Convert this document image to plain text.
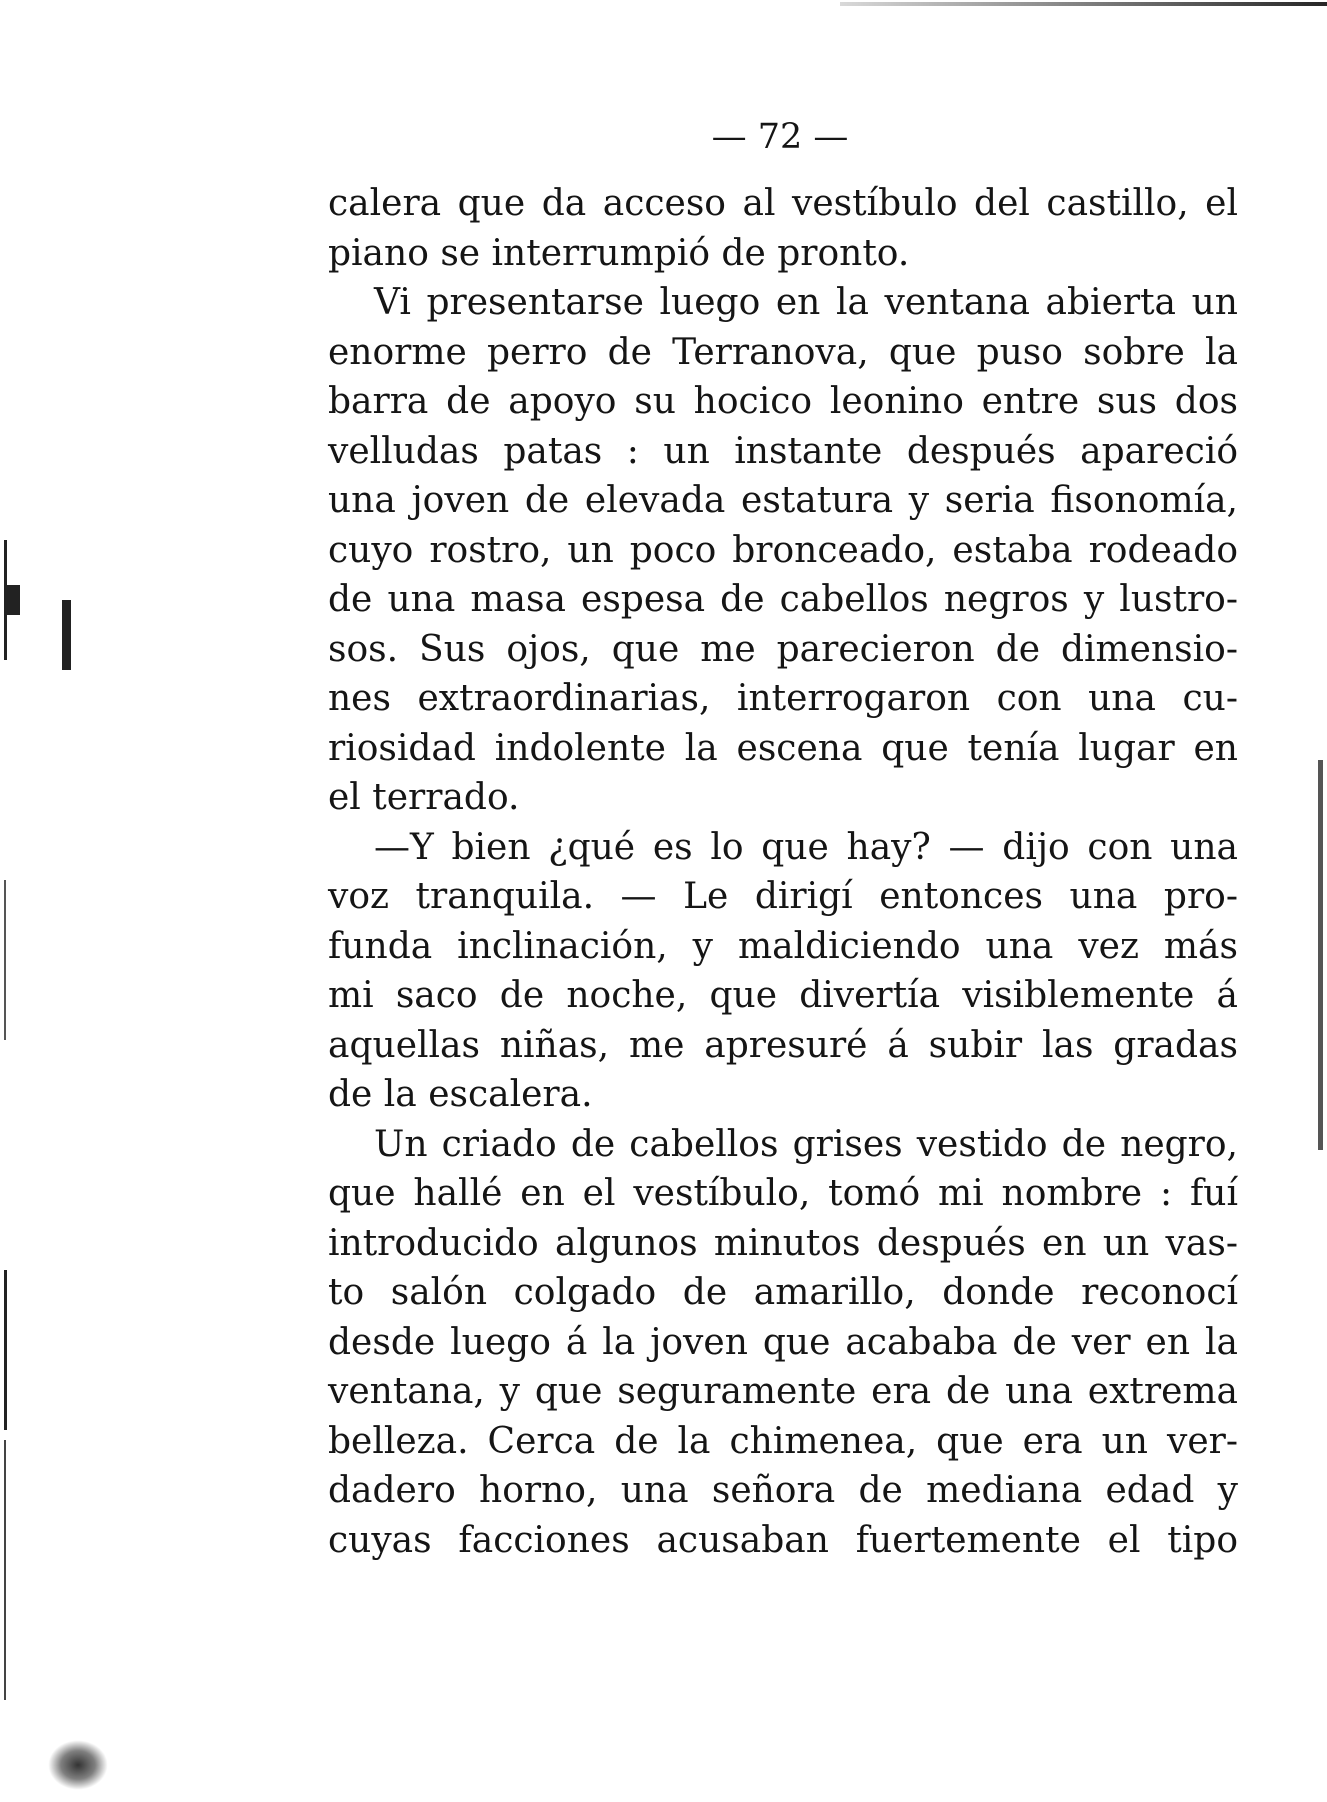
— 72 —
calera que da acceso al vestíbulo del castillo, el
piano se interrumpió de pronto.
Vi presentarse luego en la ventana abierta un
enorme perro de Terranova, que puso sobre la
barra de apoyo su hocico leonino entre sus dos
velludas patas : un instante después apareció
una joven de elevada estatura y seria fisonomía,
cuyo rostro, un poco bronceado, estaba rodeado
de una masa espesa de cabellos negros y lustro-
sos. Sus ojos, que me parecieron de dimensio-
nes extraordinarias, interrogaron con una cu-
riosidad indolente la escena que tenía lugar en
el terrado.
—Y bien ¿qué es lo que hay? — dijo con una
voz tranquila. — Le dirigí entonces una pro-
funda inclinación, y maldiciendo una vez más
mi saco de noche, que divertía visiblemente á
aquellas niñas, me apresuré á subir las gradas
de la escalera.
Un criado de cabellos grises vestido de negro,
que hallé en el vestíbulo, tomó mi nombre : fuí
introducido algunos minutos después en un vas-
to salón colgado de amarillo, donde reconocí
desde luego á la joven que acababa de ver en la
ventana, y que seguramente era de una extrema
belleza. Cerca de la chimenea, que era un ver-
dadero horno, una señora de mediana edad y
cuyas facciones acusaban fuertemente el tipo
